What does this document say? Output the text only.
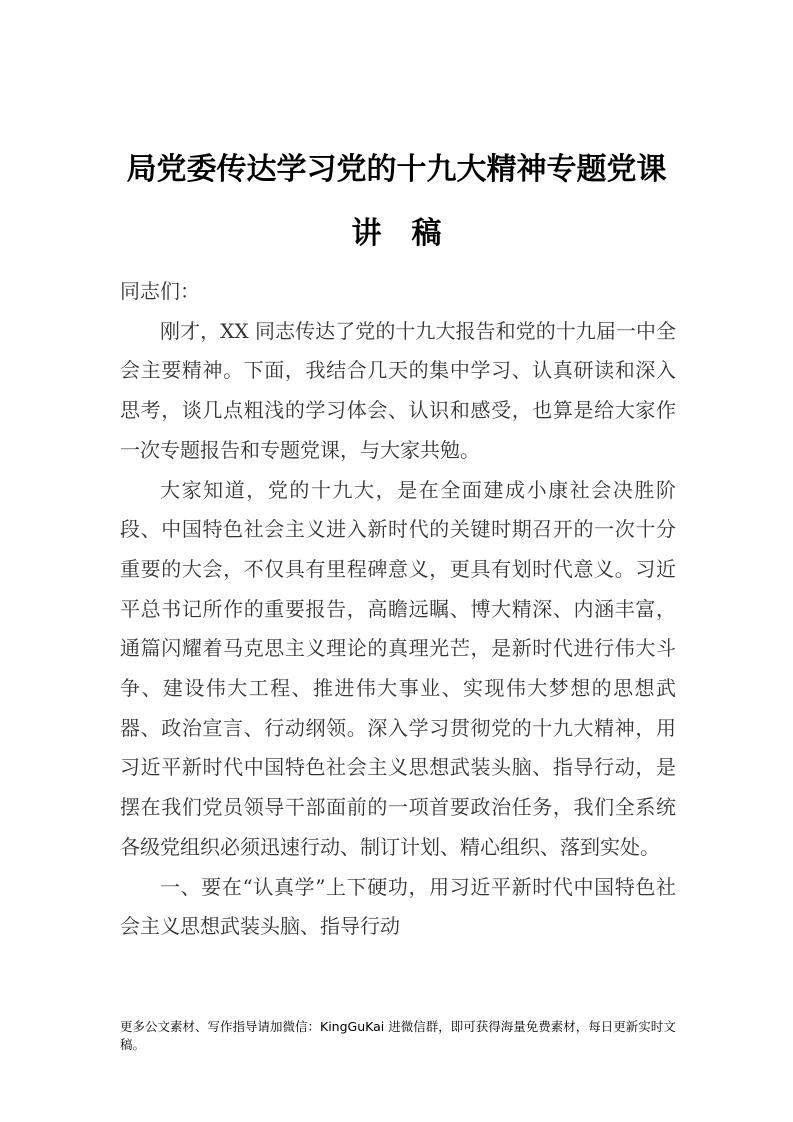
局党委传达学习党的十九大精神专题党课
讲稿

同志们：

刚才，XX 同志传达了党的十九大报告和党的十九届一中全会主要精神。下面，我结合几天的集中学习、认真研读和深入思考，谈几点粗浅的学习体会、认识和感受，也算是给大家作一次专题报告和专题党课，与大家共勉。

大家知道，党的十九大，是在全面建成小康社会决胜阶段、中国特色社会主义进入新时代的关键时期召开的一次十分重要的大会，不仅具有里程碑意义，更具有划时代意义。习近平总书记所作的重要报告，高瞻远瞩、博大精深、内涵丰富，通篇闪耀着马克思主义理论的真理光芒，是新时代进行伟大斗争、建设伟大工程、推进伟大事业、实现伟大梦想的思想武器、政治宣言、行动纲领。深入学习贯彻党的十九大精神，用习近平新时代中国特色社会主义思想武装头脑、指导行动，是摆在我们党员领导干部面前的一项首要政治任务，我们全系统各级党组织必须迅速行动、制订计划、精心组织、落到实处。

一、要在“认真学”上下硬功，用习近平新时代中国特色社会主义思想武装头脑、指导行动

更多公文素材、写作指导请加微信：KingGuKai 进微信群，即可获得海量免费素材，每日更新实时文稿。
